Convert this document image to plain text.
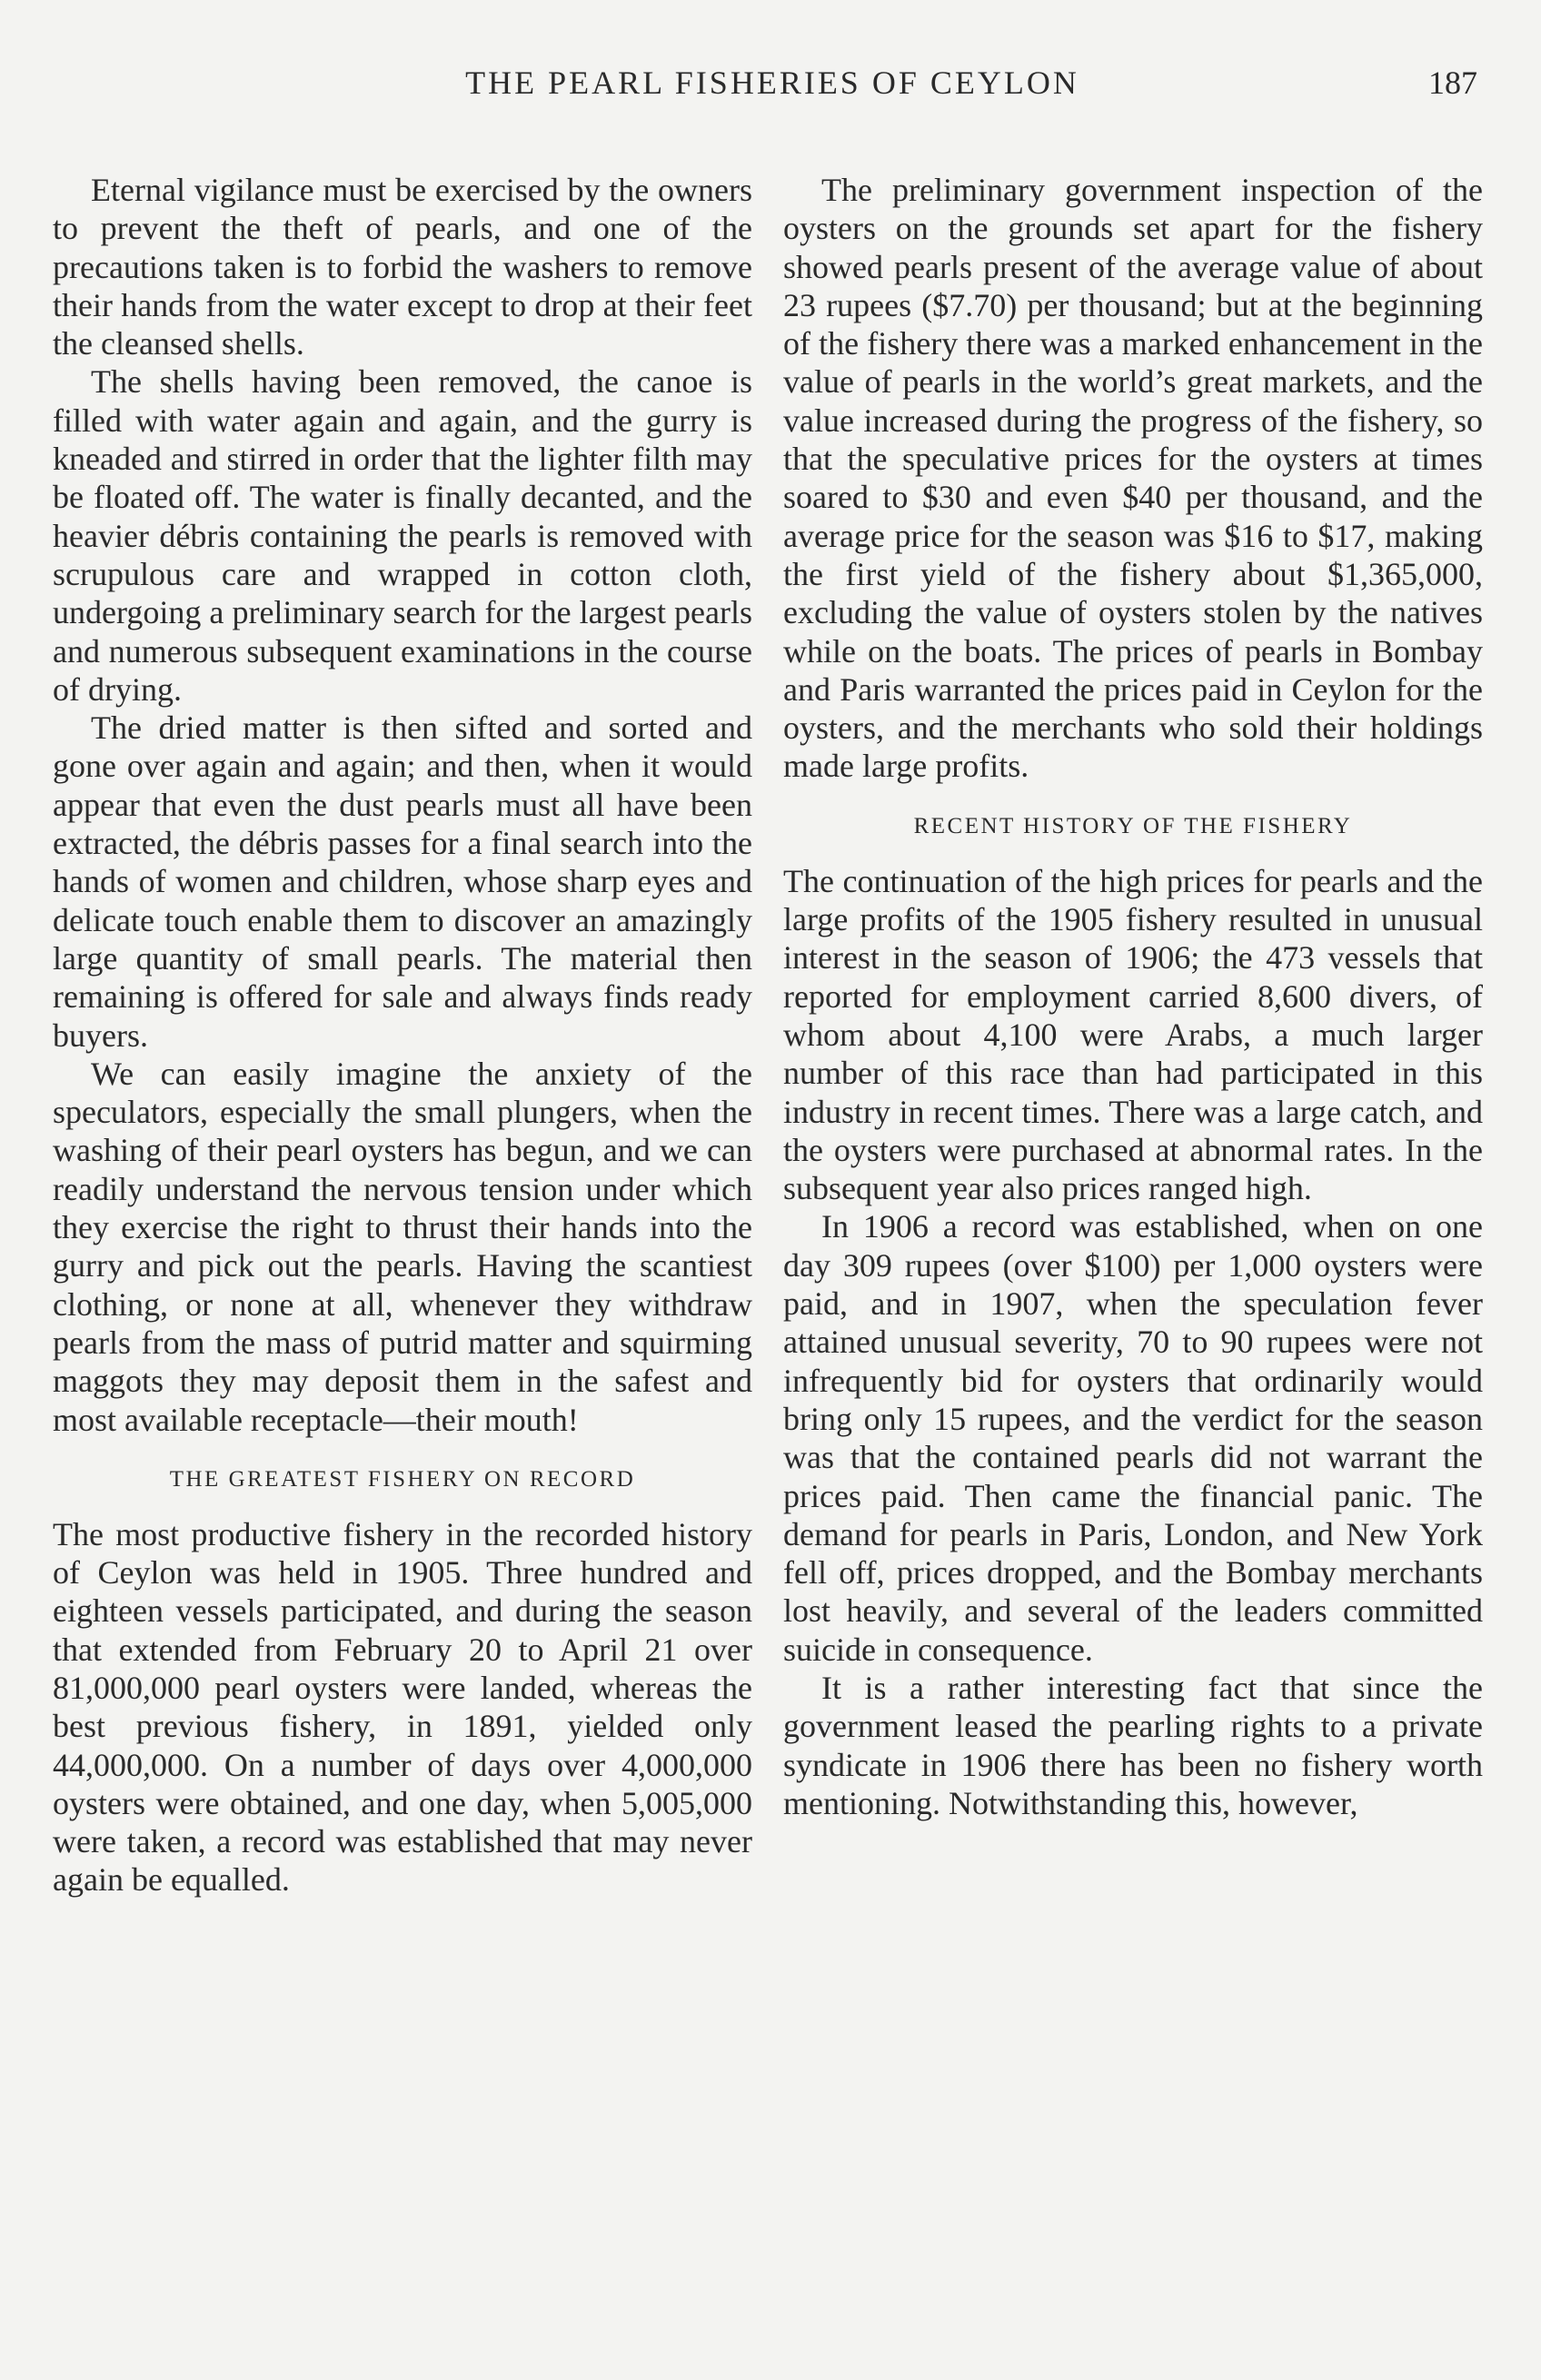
THE PEARL FISHERIES OF CEYLON	187

Eternal vigilance must be exercised by the owners to prevent the theft of pearls, and one of the precautions taken is to forbid the washers to remove their hands from the water except to drop at their feet the cleansed shells.

The shells having been removed, the canoe is filled with water again and again, and the gurry is kneaded and stirred in order that the lighter filth may be floated off. The water is finally decanted, and the heavier débris containing the pearls is removed with scrupulous care and wrapped in cotton cloth, undergoing a preliminary search for the largest pearls and numerous subsequent examinations in the course of drying.

The dried matter is then sifted and sorted and gone over again and again; and then, when it would appear that even the dust pearls must all have been extracted, the débris passes for a final search into the hands of women and children, whose sharp eyes and delicate touch enable them to discover an amazingly large quantity of small pearls. The material then remaining is offered for sale and always finds ready buyers.

We can easily imagine the anxiety of the speculators, especially the small plungers, when the washing of their pearl oysters has begun, and we can readily understand the nervous tension under which they exercise the right to thrust their hands into the gurry and pick out the pearls. Having the scantiest clothing, or none at all, whenever they withdraw pearls from the mass of putrid matter and squirming maggots they may deposit them in the safest and most available receptacle—their mouth!

THE GREATEST FISHERY ON RECORD

The most productive fishery in the recorded history of Ceylon was held in 1905. Three hundred and eighteen vessels participated, and during the season that extended from February 20 to April 21 over 81,000,000 pearl oysters were landed, whereas the best previous fishery, in 1891, yielded only 44,000,000. On a number of days over 4,000,000 oysters were obtained, and one day, when 5,005,000 were taken, a record was established that may never again be equalled.

The preliminary government inspection of the oysters on the grounds set apart for the fishery showed pearls present of the average value of about 23 rupees ($7.70) per thousand; but at the beginning of the fishery there was a marked enhancement in the value of pearls in the world’s great markets, and the value increased during the progress of the fishery, so that the speculative prices for the oysters at times soared to $30 and even $40 per thousand, and the average price for the season was $16 to $17, making the first yield of the fishery about $1,365,000, excluding the value of oysters stolen by the natives while on the boats. The prices of pearls in Bombay and Paris warranted the prices paid in Ceylon for the oysters, and the merchants who sold their holdings made large profits.

RECENT HISTORY OF THE FISHERY

The continuation of the high prices for pearls and the large profits of the 1905 fishery resulted in unusual interest in the season of 1906; the 473 vessels that reported for employment carried 8,600 divers, of whom about 4,100 were Arabs, a much larger number of this race than had participated in this industry in recent times. There was a large catch, and the oysters were purchased at abnormal rates. In the subsequent year also prices ranged high.

In 1906 a record was established, when on one day 309 rupees (over $100) per 1,000 oysters were paid, and in 1907, when the speculation fever attained unusual severity, 70 to 90 rupees were not infrequently bid for oysters that ordinarily would bring only 15 rupees, and the verdict for the season was that the contained pearls did not warrant the prices paid. Then came the financial panic. The demand for pearls in Paris, London, and New York fell off, prices dropped, and the Bombay merchants lost heavily, and several of the leaders committed suicide in consequence.

It is a rather interesting fact that since the government leased the pearling rights to a private syndicate in 1906 there has been no fishery worth mentioning. Notwithstanding this, however,
